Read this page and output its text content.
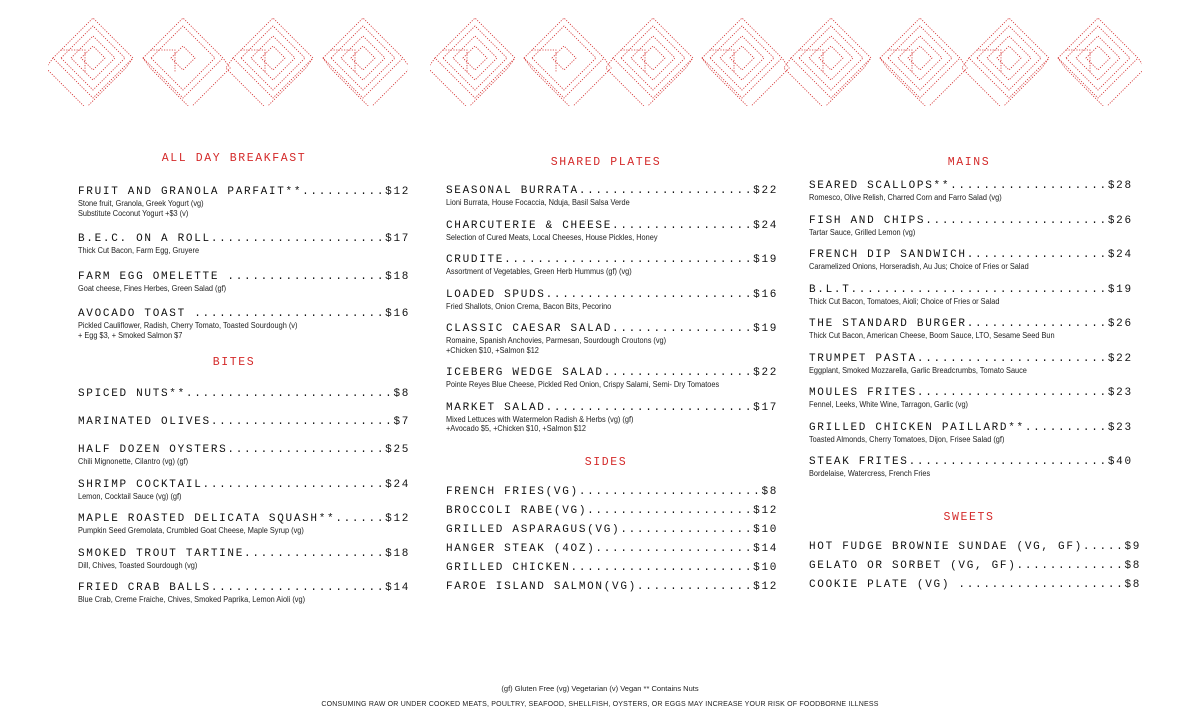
ALL DAY BREAKFAST
FRUIT AND GRANOLA PARFAIT**..........$12
Stone fruit, Granola, Greek Yogurt (vg)
Substitute Coconut Yogurt +$3 (v)
B.E.C. ON A ROLL.....................$17
Thick Cut Bacon, Farm Egg, Gruyere
FARM EGG OMELETTE ...................$18
Goat cheese, Fines Herbes, Green Salad (gf)
AVOCADO TOAST .......................$16
Pickled Cauliflower, Radish, Cherry Tomato, Toasted Sourdough (v)
+ Egg $3, + Smoked Salmon $7
BITES
SPICED NUTS**.........................$8
MARINATED OLIVES......................$7
HALF DOZEN OYSTERS...................$25
Chili Mignonette, Cilantro (vg) (gf)
SHRIMP COCKTAIL......................$24
Lemon, Cocktail Sauce (vg) (gf)
MAPLE ROASTED DELICATA SQUASH**......$12
Pumpkin Seed Gremolata, Crumbled Goat Cheese, Maple Syrup (vg)
SMOKED TROUT TARTINE.................$18
Dill, Chives, Toasted Sourdough (vg)
FRIED CRAB BALLS.....................$14
Blue Crab, Creme Fraiche, Chives, Smoked Paprika, Lemon Aioli (vg)
SHARED PLATES
SEASONAL BURRATA.....................$22
Lioni Burrata, House Focaccia, Nduja, Basil Salsa Verde
CHARCUTERIE & CHEESE.................$24
Selection of Cured Meats, Local Cheeses, House Pickles, Honey
CRUDITE..............................$19
Assortment of Vegetables, Green Herb Hummus (gf) (vg)
LOADED SPUDS.........................$16
Fried Shallots, Onion Crema, Bacon Bits, Pecorino
CLASSIC CAESAR SALAD.................$19
Romaine, Spanish Anchovies, Parmesan, Sourdough Croutons (vg)
+Chicken $10, +Salmon $12
ICEBERG WEDGE SALAD..................$22
Pointe Reyes Blue Cheese, Pickled Red Onion, Crispy Salami, Semi- Dry Tomatoes
MARKET SALAD.........................$17
Mixed Lettuces with Watermelon Radish & Herbs (vg) (gf)
+Avocado $5, +Chicken $10, +Salmon $12
SIDES
FRENCH FRIES(VG)......................$8
BROCCOLI RABE(VG)....................$12
GRILLED ASPARAGUS(VG)................$10
HANGER STEAK (4OZ)...................$14
GRILLED CHICKEN......................$10
FAROE ISLAND SALMON(VG)..............$12
MAINS
SEARED SCALLOPS**...................$28
Romesco, Olive Relish, Charred Corn and Farro Salad (vg)
FISH AND CHIPS......................$26
Tartar Sauce, Grilled Lemon (vg)
FRENCH DIP SANDWICH.................$24
Caramelized Onions, Horseradish, Au Jus; Choice of Fries or Salad
B.L.T...............................$19
Thick Cut Bacon, Tomatoes, Aioli; Choice of Fries or Salad
THE STANDARD BURGER.................$26
Thick Cut Bacon, American Cheese, Boom Sauce, LTO, Sesame Seed Bun
TRUMPET PASTA.......................$22
Eggplant, Smoked Mozzarella, Garlic Breadcrumbs, Tomato Sauce
MOULES FRITES.......................$23
Fennel, Leeks, White Wine, Tarragon, Garlic (vg)
GRILLED CHICKEN PAILLARD**..........$23
Toasted Almonds, Cherry Tomatoes, Dijon, Frisee Salad (gf)
STEAK FRITES........................$40
Bordelaise, Watercress, French Fries
SWEETS
HOT FUDGE BROWNIE SUNDAE (VG, GF).....$9
GELATO OR SORBET (VG, GF).............$8
COOKIE PLATE (VG) ....................$8
(gf) Gluten Free (vg) Vegetarian (v) Vegan ** Contains Nuts
CONSUMING RAW OR UNDER COOKED MEATS, POULTRY, SEAFOOD, SHELLFISH, OYSTERS, OR EGGS MAY INCREASE YOUR RISK OF FOODBORNE ILLNESS
